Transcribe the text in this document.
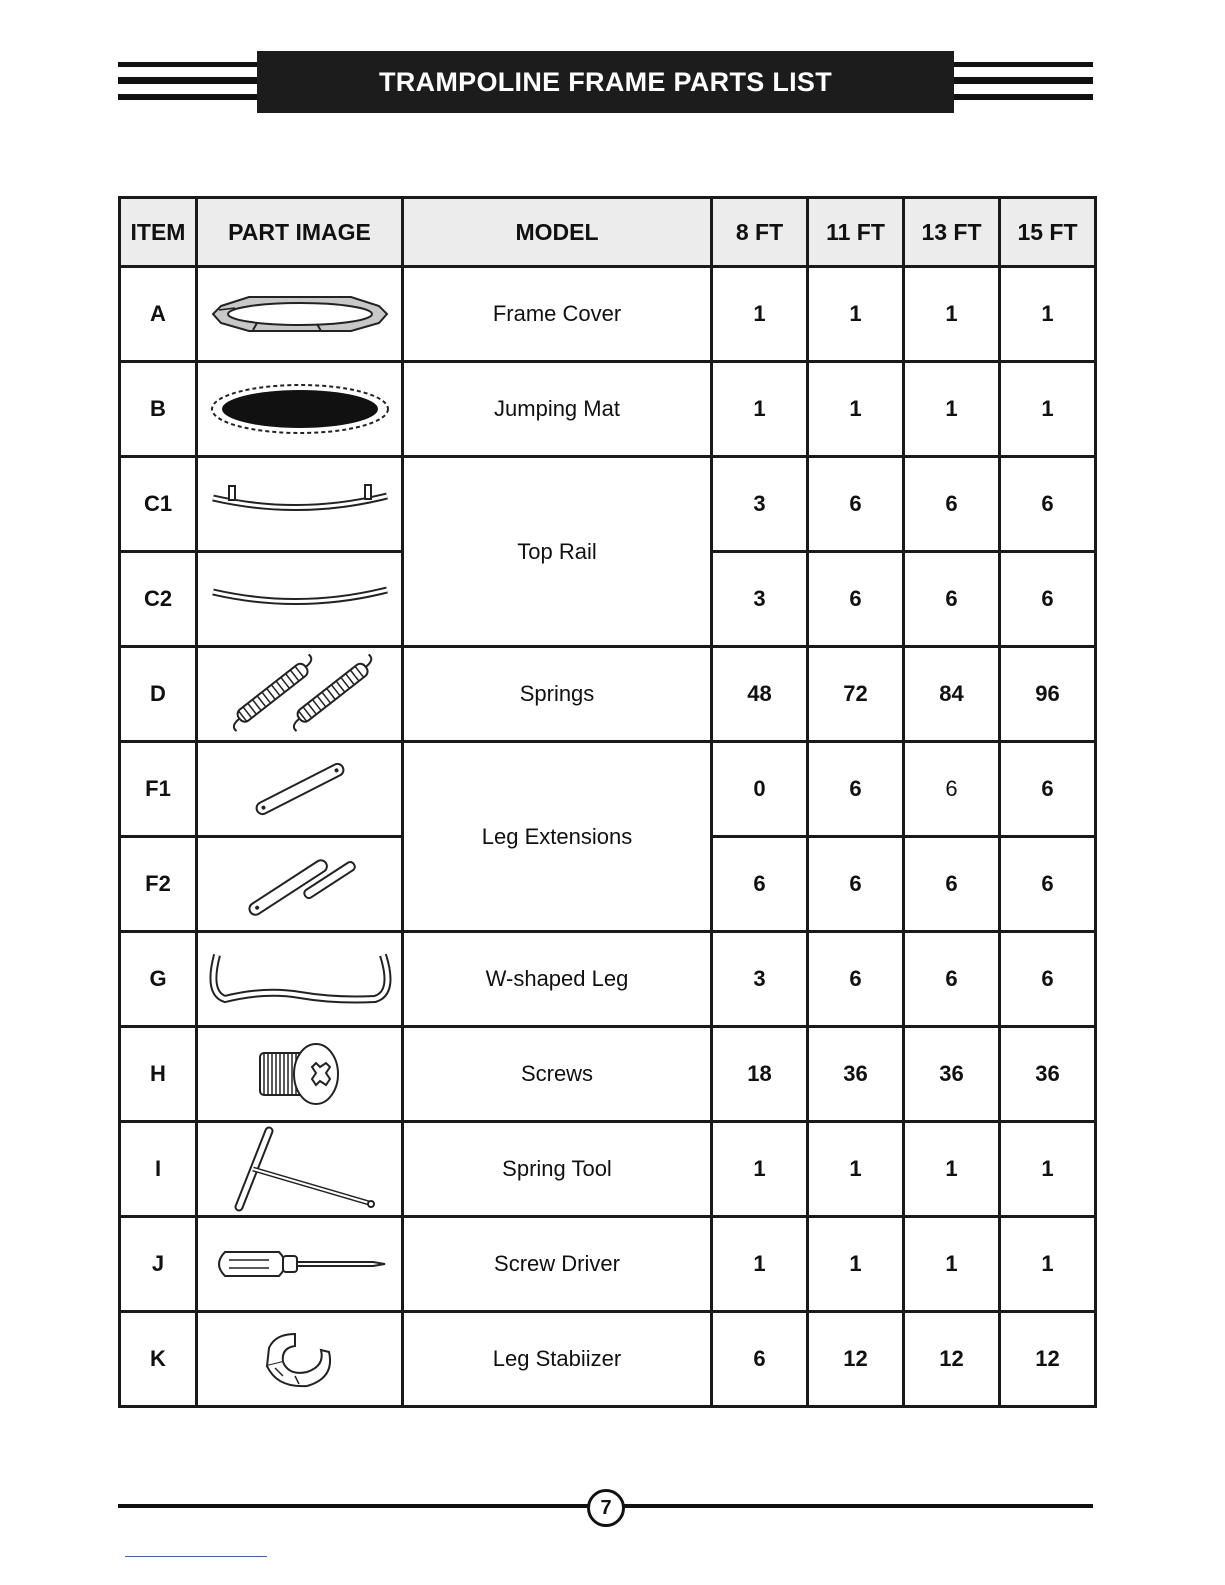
TRAMPOLINE FRAME PARTS LIST
ITEM	PART IMAGE	MODEL	8 FT	11 FT	13 FT	15 FT
A		Frame Cover	1	1	1	1
B		Jumping Mat	1	1	1	1
C1		Top Rail	3	6	6	6
C2			3	6	6	6
D		Springs	48	72	84	96
F1		Leg Extensions	0	6	6	6
F2			6	6	6	6
G		W-shaped Leg	3	6	6	6
H		Screws	18	36	36	36
I		Spring Tool	1	1	1	1
J		Screw Driver	1	1	1	1
K		Leg Stabiizer	6	12	12	12
7
